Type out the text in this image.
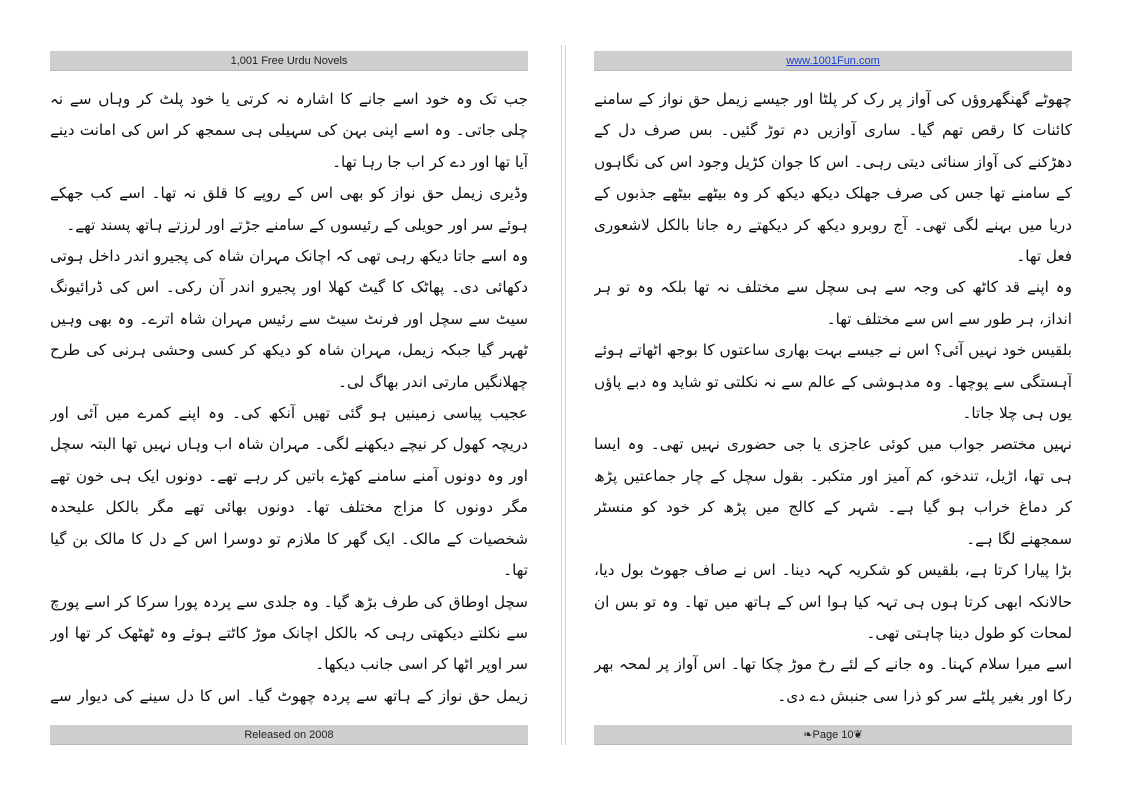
1,001 Free Urdu Novels

جب تک وہ خود اسے جانے کا اشارہ نہ کرتی یا خود پلٹ کر وہاں سے نہ چلی جاتی۔ وہ اسے اپنی بہن کی سہیلی ہی سمجھ کر اس کی امانت دینے آیا تھا اور دے کر اب جا رہا تھا۔

وڈیری زیمل حق نواز کو بھی اس کے روپے کا قلق نہ تھا۔ اسے کب جھکے ہوئے سر اور حویلی کے رئیسوں کے سامنے جڑتے اور لرزتے ہاتھ پسند تھے۔

وہ اسے جاتا دیکھ رہی تھی کہ اچانک مہران شاہ کی پجیرو اندر داخل ہوتی دکھائی دی۔ پھاٹک کا گیٹ کھلا اور پجیرو اندر آن رکی۔ اس کی ڈرائیونگ سیٹ سے سچل اور فرنٹ سیٹ سے رئیس مہران شاہ اترے۔ وہ بھی وہیں ٹھہر گیا جبکہ زیمل، مہران شاہ کو دیکھ کر کسی وحشی ہرنی کی طرح چھلانگیں مارتی اندر بھاگ لی۔

عجیب پیاسی زمینیں ہو گئی تھیں آنکھ کی۔ وہ اپنے کمرے میں آئی اور دریچہ کھول کر نیچے دیکھنے لگی۔ مہران شاہ اب وہاں نہیں تھا البتہ سچل اور وہ دونوں آمنے سامنے کھڑے باتیں کر رہے تھے۔ دونوں ایک ہی خون تھے مگر دونوں کا مزاج مختلف تھا۔ دونوں بھائی تھے مگر بالکل علیحدہ شخصیات کے مالک۔ ایک گھر کا ملازم تو دوسرا اس کے دل کا مالک بن گیا تھا۔

سچل اوطاق کی طرف بڑھ گیا۔ وہ جلدی سے پردہ پورا سرکا کر اسے پورچ سے نکلتے دیکھتی رہی کہ بالکل اچانک موڑ کاٹتے ہوئے وہ ٹھٹھک کر تھا اور سر اوپر اٹھا کر اسی جانب دیکھا۔

زیمل حق نواز کے ہاتھ سے پردہ چھوٹ گیا۔ اس کا دل سینے کی دیوار سے

Released on 2008
www.1001Fun.com

چھوٹے گھنگھروؤں کی آواز پر رک کر پلٹا اور جیسے زیمل حق نواز کے سامنے کائنات کا رقص تھم گیا۔ ساری آوازیں دم توڑ گئیں۔ بس صرف دل کے دھڑکنے کی آواز سنائی دیتی رہی۔ اس کا جوان کڑیل وجود اس کی نگاہوں کے سامنے تھا جس کی صرف جھلک دیکھ دیکھ کر وہ بیٹھے بیٹھے جذبوں کے دریا میں بہنے لگی تھی۔ آج روبرو دیکھ کر دیکھتے رہ جانا بالکل لاشعوری فعل تھا۔

وہ اپنے قد کاٹھ کی وجہ سے ہی سچل سے مختلف نہ تھا بلکہ وہ تو ہر انداز، ہر طور سے اس سے مختلف تھا۔

بلقیس خود نہیں آئی؟ اس نے جیسے بہت بھاری ساعتوں کا بوجھ اٹھاتے ہوئے آہستگی سے پوچھا۔ وہ مدہوشی کے عالم سے نہ نکلتی تو شاید وہ دبے پاؤں یوں ہی چلا جاتا۔

نہیں مختصر جواب میں کوئی عاجزی یا جی حضوری نہیں تھی۔ وہ ایسا ہی تھا، اڑیل، تندخو، کم آمیز اور متکبر۔ بقول سچل کے چار جماعتیں پڑھ کر دماغ خراب ہو گیا ہے۔ شہر کے کالج میں پڑھ کر خود کو منسٹر سمجھنے لگا ہے۔

بڑا پیارا کرتا ہے، بلقیس کو شکریہ کہہ دینا۔ اس نے صاف جھوٹ بول دیا، حالانکہ ابھی کرتا ہوں ہی تہہ کیا ہوا اس کے ہاتھ میں تھا۔ وہ تو بس ان لمحات کو طول دینا چاہتی تھی۔

اسے میرا سلام کہنا۔ وہ جانے کے لئے رخ موڑ چکا تھا۔ اس آواز پر لمحہ بھر رکا اور بغیر پلٹے سر کو ذرا سی جنبش دے دی۔

❧Page 10❦
